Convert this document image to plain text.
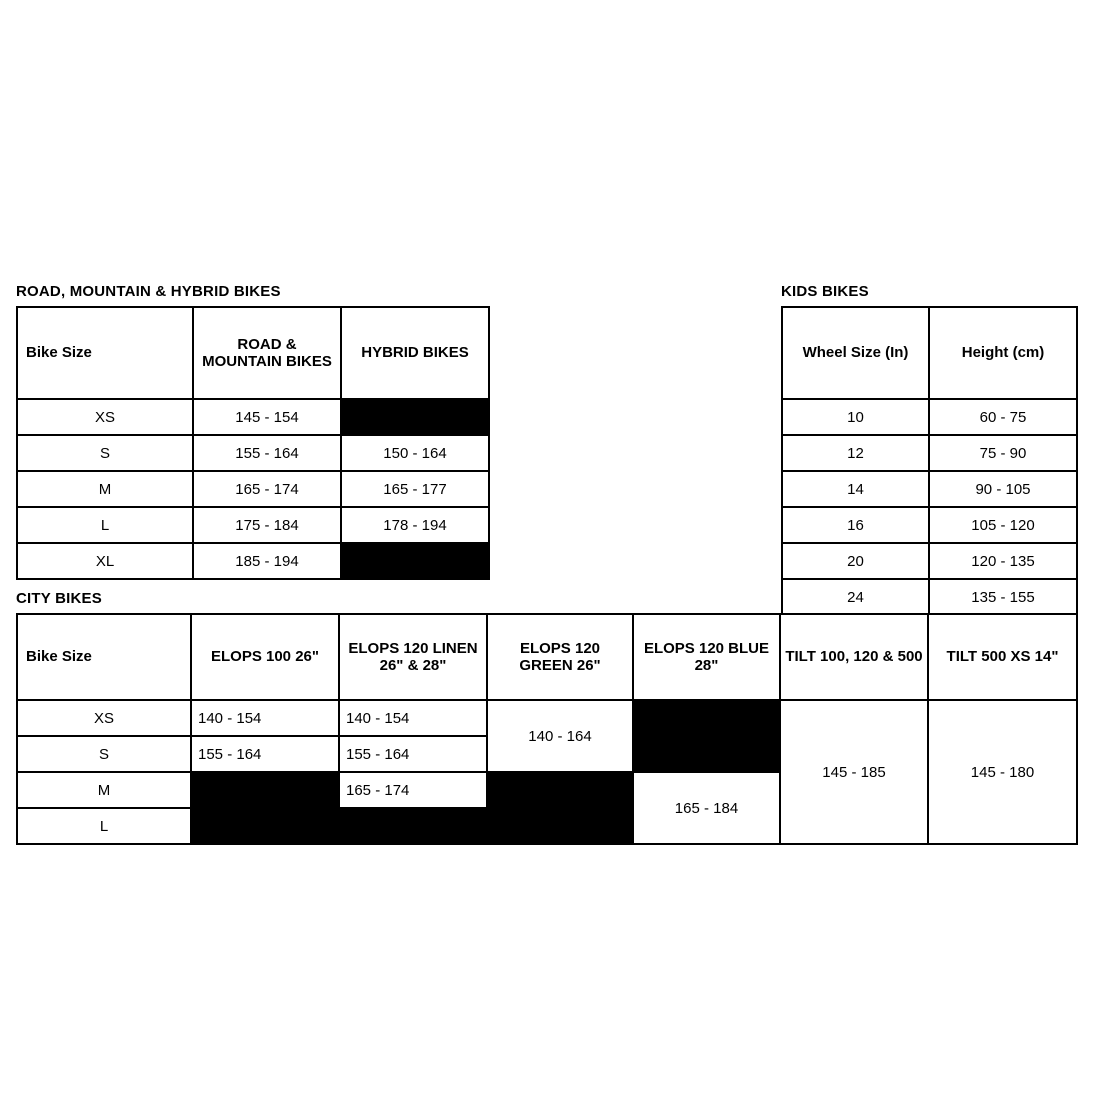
ROAD, MOUNTAIN & HYBRID BIKES
Bike Size	ROAD & MOUNTAIN BIKES	HYBRID BIKES
XS	145 - 154	
S	155 - 164	150 - 164
M	165 - 174	165 - 177
L	175 - 184	178 - 194
XL	185 - 194	
KIDS BIKES
Wheel Size (In)	Height (cm)
10	60 - 75
12	75 - 90
14	90 - 105
16	105 - 120
20	120 - 135
24	135 - 155
CITY BIKES
Bike Size	ELOPS 100 26"	ELOPS 120 LINEN 26" & 28"	ELOPS 120 GREEN 26"	ELOPS 120 BLUE 28"	TILT 100, 120 & 500	TILT 500 XS 14"
XS	140 - 154	140 - 154	140 - 164		145 - 185	145 - 180
S	155 - 164	155 - 164				
M		165 - 174		165 - 184		
L						
